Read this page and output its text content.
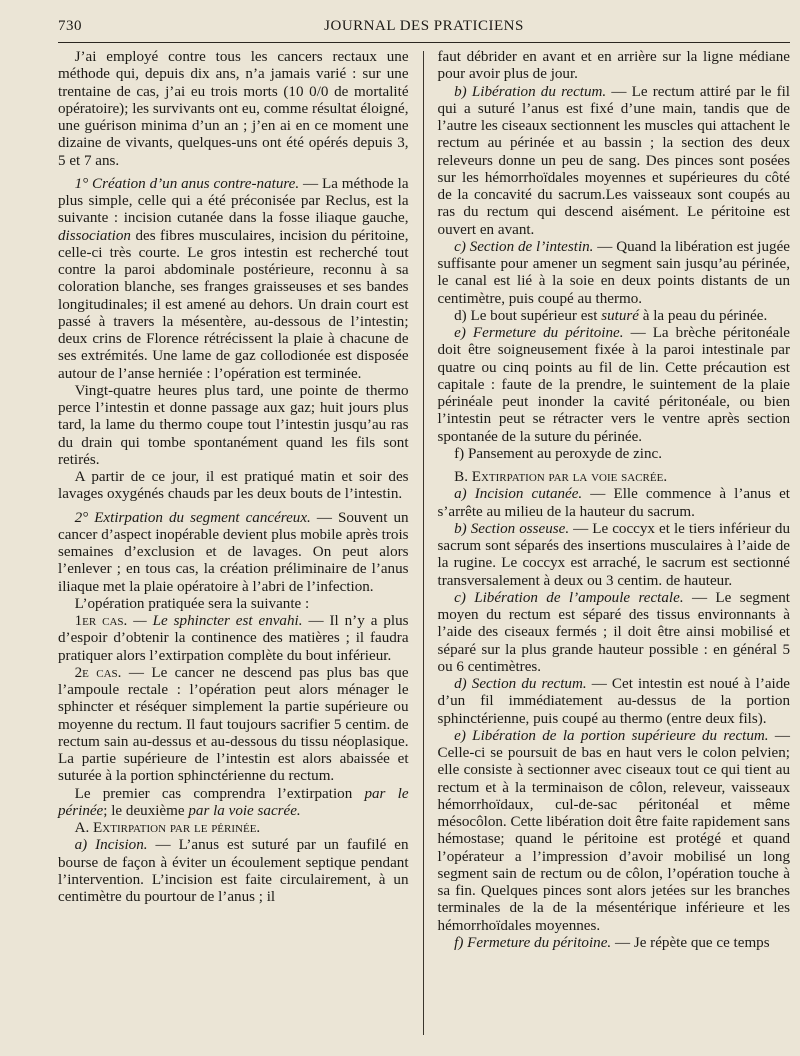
730	JOURNAL DES PRATICIENS

J’ai employé contre tous les cancers rectaux une méthode qui, depuis dix ans, n’a jamais varié : sur une trentaine de cas, j’ai eu trois morts (10 0/0 de mortalité opératoire); les survivants ont eu, comme résultat éloigné, une guérison minima d’un an ; j’en ai en ce moment une dizaine de vivants, quelques-uns ont été opérés depuis 3, 5 et 7 ans.

1° Création d’un anus contre-nature. — La méthode la plus simple, celle qui a été préconisée par Reclus, est la suivante : incision cutanée dans la fosse iliaque gauche, dissociation des fibres musculaires, incision du péritoine, celle-ci très courte. Le gros intestin est recherché tout contre la paroi abdominale postérieure, reconnu à sa coloration blanche, ses franges graisseuses et ses bandes longitudinales; il est amené au dehors. Un drain court est passé à travers la mésentère, au-dessous de l’intestin; deux crins de Florence rétrécissent la plaie à chacune de ses extrémités. Une lame de gaz collodionée est disposée autour de l’anse herniée : l’opération est terminée.

Vingt-quatre heures plus tard, une pointe de thermo perce l’intestin et donne passage aux gaz; huit jours plus tard, la lame du thermo coupe tout l’intestin jusqu’au ras du drain qui tombe spontanément quand les fils sont retirés.

A partir de ce jour, il est pratiqué matin et soir des lavages oxygénés chauds par les deux bouts de l’intestin.

2° Extirpation du segment cancéreux. — Souvent un cancer d’aspect inopérable devient plus mobile après trois semaines d’exclusion et de lavages. On peut alors l’enlever ; en tous cas, la création préliminaire de l’anus iliaque met la plaie opératoire à l’abri de l’infection.

L’opération pratiquée sera la suivante :

1er cas. — Le sphincter est envahi. — Il n’y a plus d’espoir d’obtenir la continence des matières ; il faudra pratiquer alors l’extirpation complète du bout inférieur.

2e cas. — Le cancer ne descend pas plus bas que l’ampoule rectale : l’opération peut alors ménager le sphincter et réséquer simplement la partie supérieure ou moyenne du rectum. Il faut toujours sacrifier 5 centim. de rectum sain au-dessus et au-dessous du tissu néoplasique. La partie supérieure de l’intestin est alors abaissée et suturée à la portion sphinctérienne du rectum.

Le premier cas comprendra l’extirpation par le périnée; le deuxième par la voie sacrée.

A. Extirpation par le périnée.

a) Incision. — L’anus est suturé par un faufilé en bourse de façon à éviter un écoulement septique pendant l’intervention. L’incision est faite circulairement, à un centimètre du pourtour de l’anus ; il

faut débrider en avant et en arrière sur la ligne médiane pour avoir plus de jour.

b) Libération du rectum. — Le rectum attiré par le fil qui a suturé l’anus est fixé d’une main, tandis que de l’autre les ciseaux sectionnent les muscles qui attachent le rectum au périnée et au bassin ; la section des deux releveurs donne un peu de sang. Des pinces sont posées sur les hémorrhoïdales moyennes et supérieures du côté de la concavité du sacrum.Les vaisseaux sont coupés au ras du rectum qui descend aisément. Le péritoine est ouvert en avant.

c) Section de l’intestin. — Quand la libération est jugée suffisante pour amener un segment sain jusqu’au périnée, le canal est lié à la soie en deux points distants de un centimètre, puis coupé au thermo.

d) Le bout supérieur est suturé à la peau du périnée.

e) Fermeture du péritoine. — La brèche péritonéale doit être soigneusement fixée à la paroi intestinale par quatre ou cinq points au fil de lin. Cette précaution est capitale : faute de la prendre, le suintement de la plaie périnéale peut inonder la cavité péritonéale, ou bien l’intestin peut se rétracter vers le ventre après section spontanée de la suture du périnée.

f) Pansement au peroxyde de zinc.

B. Extirpation par la voie sacrée.

a) Incision cutanée. — Elle commence à l’anus et s’arrête au milieu de la hauteur du sacrum.

b) Section osseuse. — Le coccyx et le tiers inférieur du sacrum sont séparés des insertions musculaires à l’aide de la rugine. Le coccyx est arraché, le sacrum est sectionné transversalement à deux ou 3 centim. de hauteur.

c) Libération de l’ampoule rectale. — Le segment moyen du rectum est séparé des tissus environnants à l’aide des ciseaux fermés ; il doit être ainsi mobilisé et séparé sur la plus grande hauteur possible : en général 5 ou 6 centimètres.

d) Section du rectum. — Cet intestin est noué à l’aide d’un fil immédiatement au-dessus de la portion sphinctérienne, puis coupé au thermo (entre deux fils).

e) Libération de la portion supérieure du rectum. — Celle-ci se poursuit de bas en haut vers le colon pelvien; elle consiste à sectionner avec ciseaux tout ce qui tient au rectum et à la terminaison de côlon, releveur, vaisseaux hémorrhoïdaux, cul-de-sac péritonéal et même mésocôlon. Cette libération doit être faite rapidement sans hémostase; quand le péritoine est protégé et quand l’opérateur a l’impression d’avoir mobilisé un long segment sain de rectum ou de côlon, l’opération touche à sa fin. Quelques pinces sont alors jetées sur les branches terminales de la de la mésentérique inférieure et les hémorrhoïdales moyennes.

f) Fermeture du péritoine. — Je répète que ce temps
